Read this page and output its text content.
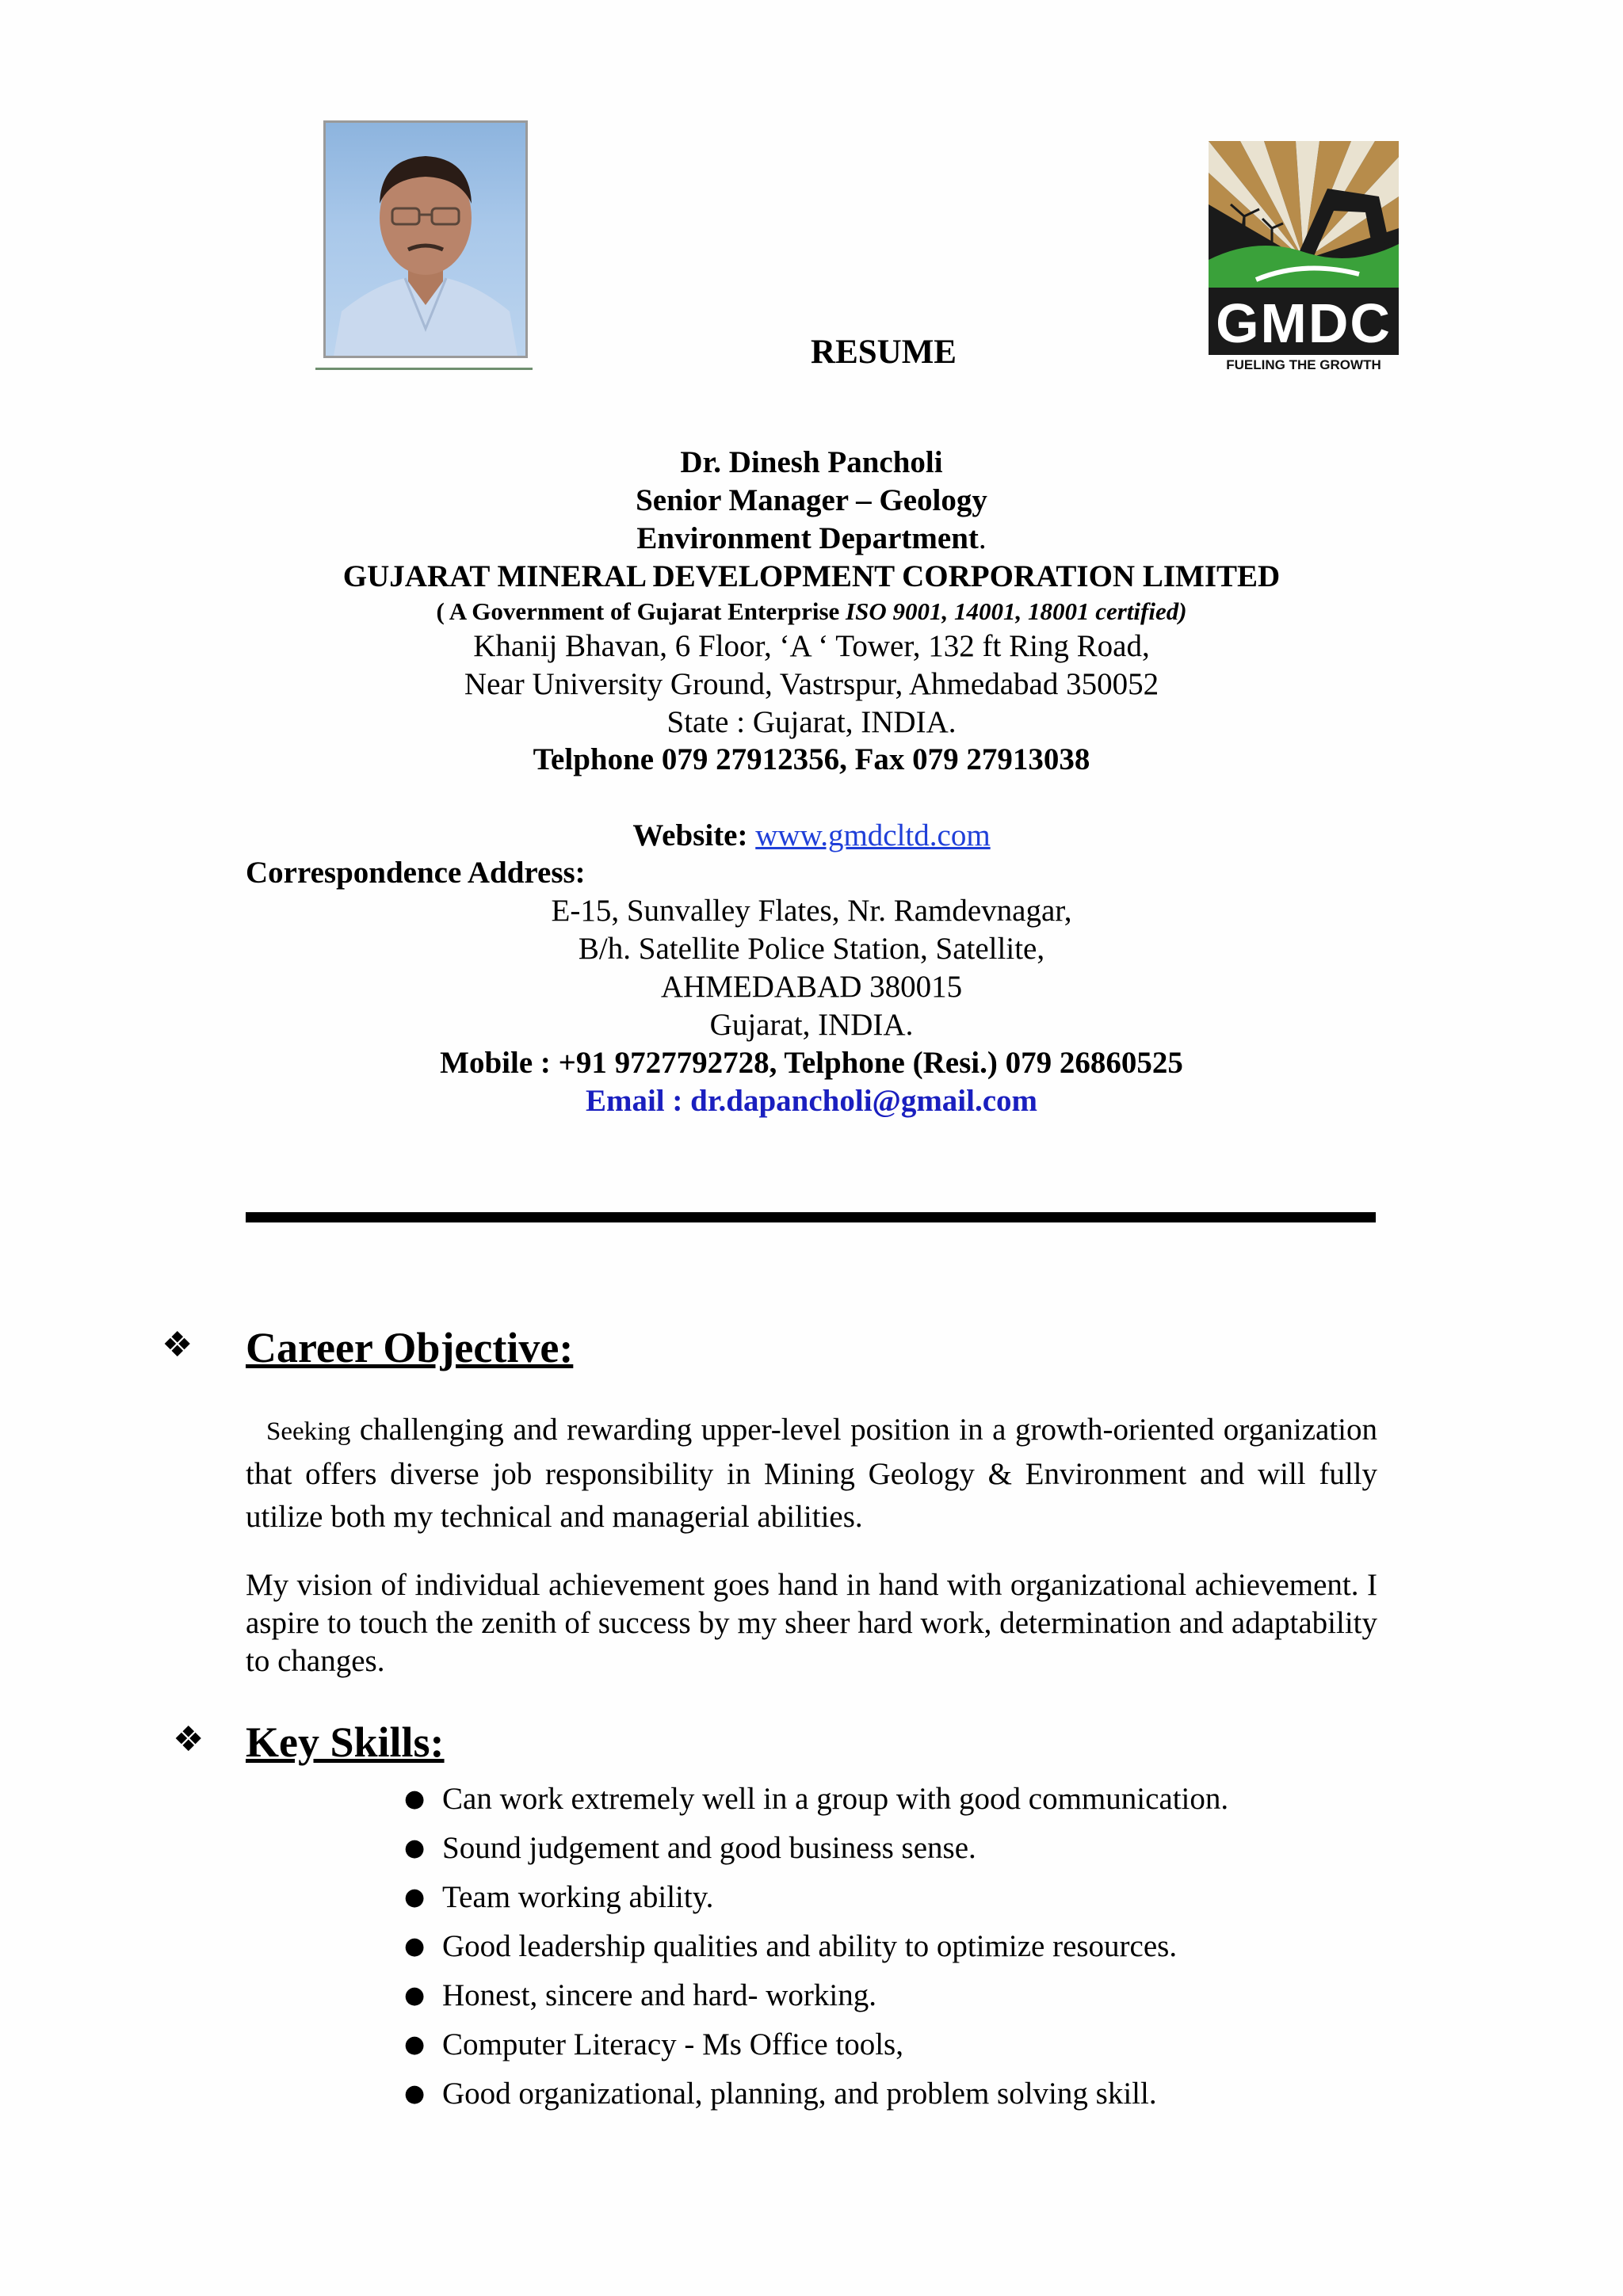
RESUME	GMDC
FUELING THE GROWTH
Dr. Dinesh Pancholi
Senior Manager – Geology
Environment Department.
GUJARAT MINERAL DEVELOPMENT CORPORATION LIMITED
( A Government of Gujarat Enterprise ISO 9001, 14001, 18001 certified)
Khanij Bhavan, 6 Floor, ‘A ‘ Tower, 132 ft Ring Road,
Near University Ground, Vastrspur, Ahmedabad 350052
State : Gujarat, INDIA.
Telphone 079 27912356, Fax 079 27913038
Website: www.gmdcltd.com
Correspondence Address:
E-15, Sunvalley Flates, Nr. Ramdevnagar,
B/h. Satellite Police Station, Satellite,
AHMEDABAD 380015
Gujarat, INDIA.
Mobile : +91 9727792728, Telphone (Resi.) 079 26860525
Email : dr.dapancholi@gmail.com
❖ Career Objective:
Seeking challenging and rewarding upper-level position in a growth-oriented organization that offers diverse job responsibility in Mining Geology & Environment and will fully utilize both my technical and managerial abilities.
My vision of individual achievement goes hand in hand with organizational achievement. I aspire to touch the zenith of success by my sheer hard work, determination and adaptability to changes.
❖ Key Skills:
● Can work extremely well in a group with good communication.
● Sound judgement and good business sense.
● Team working ability.
● Good leadership qualities and ability to optimize resources.
● Honest, sincere and hard- working.
● Computer Literacy - Ms Office tools,
● Good organizational, planning, and problem solving skill.
